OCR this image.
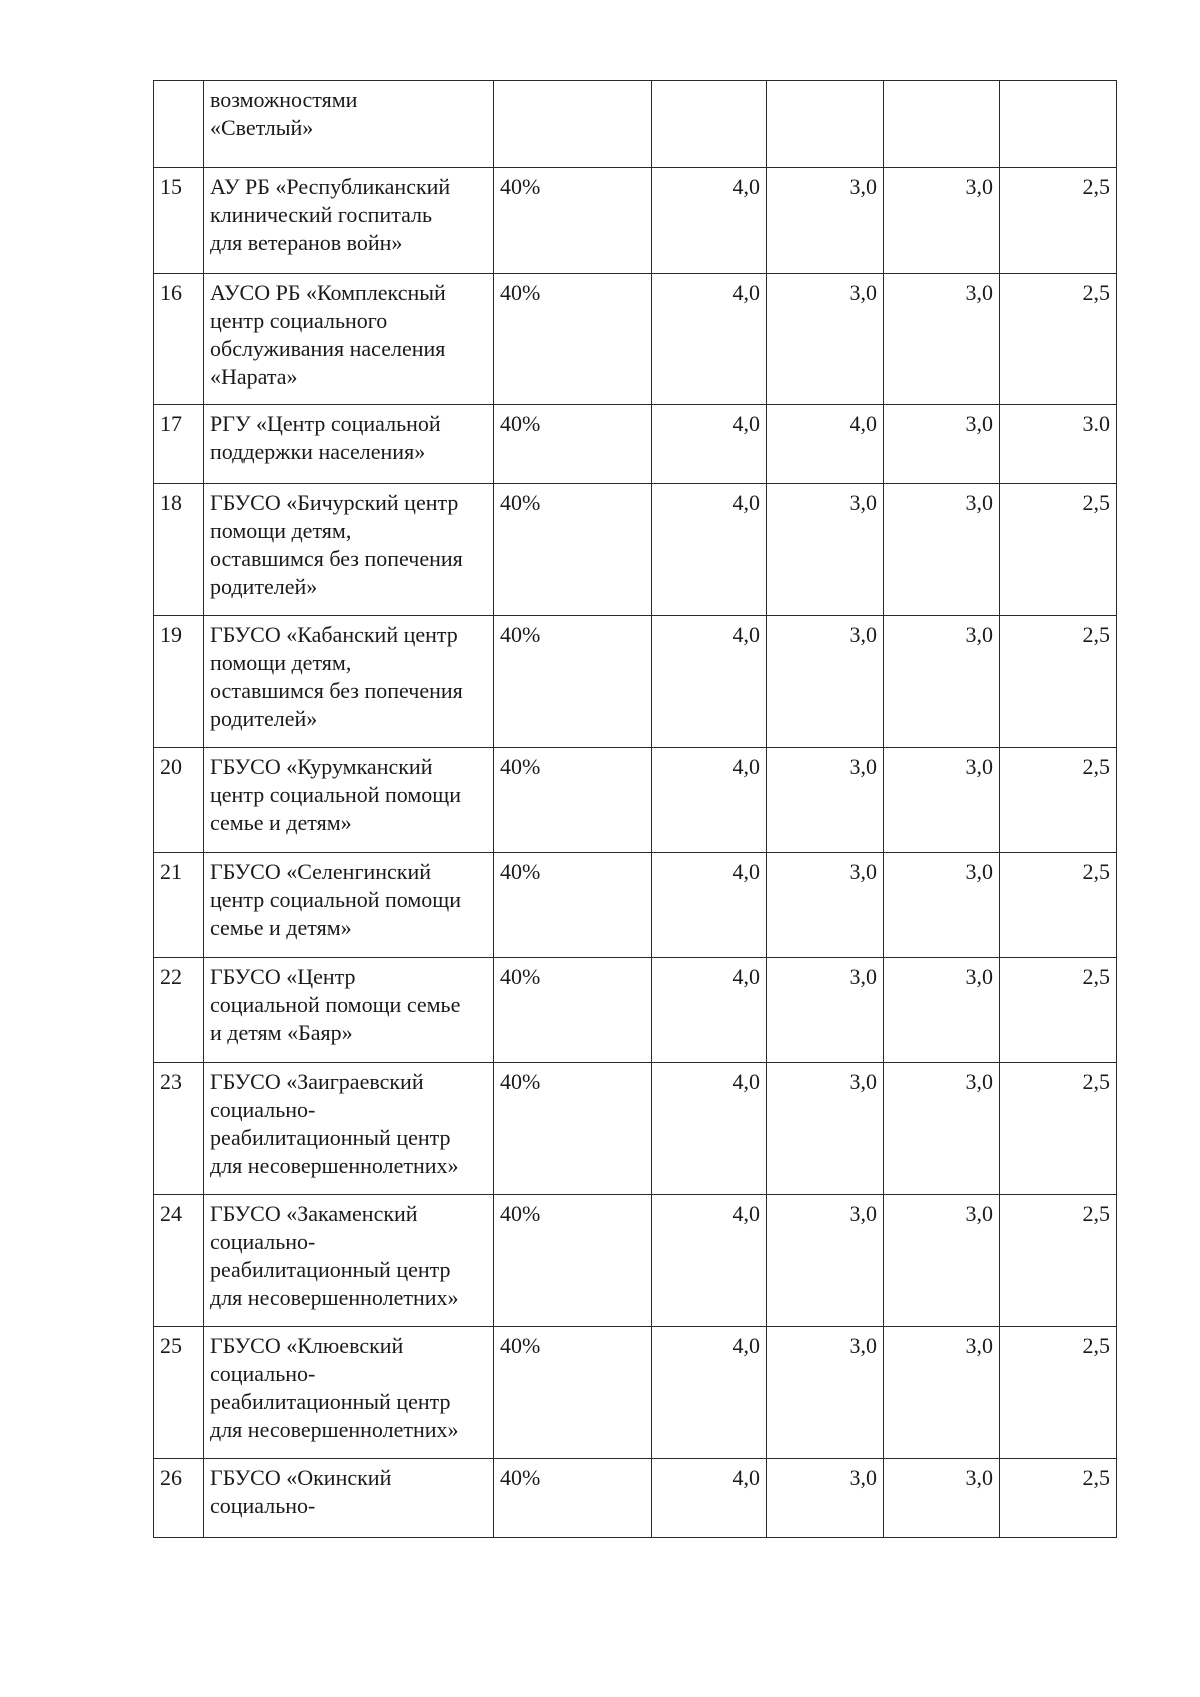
	возможностями
«Светлый»					
15	АУ РБ «Республиканский
клинический госпиталь
для ветеранов войн»	40%	4,0	3,0	3,0	2,5
16	АУСО РБ «Комплексный
центр социального
обслуживания населения
«Нарата»	40%	4,0	3,0	3,0	2,5
17	РГУ «Центр социальной
поддержки населения»	40%	4,0	4,0	3,0	3.0
18	ГБУСО «Бичурский центр
помощи детям,
оставшимся без попечения
родителей»	40%	4,0	3,0	3,0	2,5
19	ГБУСО «Кабанский центр
помощи детям,
оставшимся без попечения
родителей»	40%	4,0	3,0	3,0	2,5
20	ГБУСО «Курумканский
центр социальной помощи
семье и детям»	40%	4,0	3,0	3,0	2,5
21	ГБУСО «Селенгинский
центр социальной помощи
семье и детям»	40%	4,0	3,0	3,0	2,5
22	ГБУСО «Центр
социальной помощи семье
и детям «Баяр»	40%	4,0	3,0	3,0	2,5
23	ГБУСО «Заиграевский
социально-
реабилитационный центр
для несовершеннолетних»	40%	4,0	3,0	3,0	2,5
24	ГБУСО «Закаменский
социально-
реабилитационный центр
для несовершеннолетних»	40%	4,0	3,0	3,0	2,5
25	ГБУСО «Клюевский
социально-
реабилитационный центр
для несовершеннолетних»	40%	4,0	3,0	3,0	2,5
26	ГБУСО «Окинский
социально-	40%	4,0	3,0	3,0	2,5
